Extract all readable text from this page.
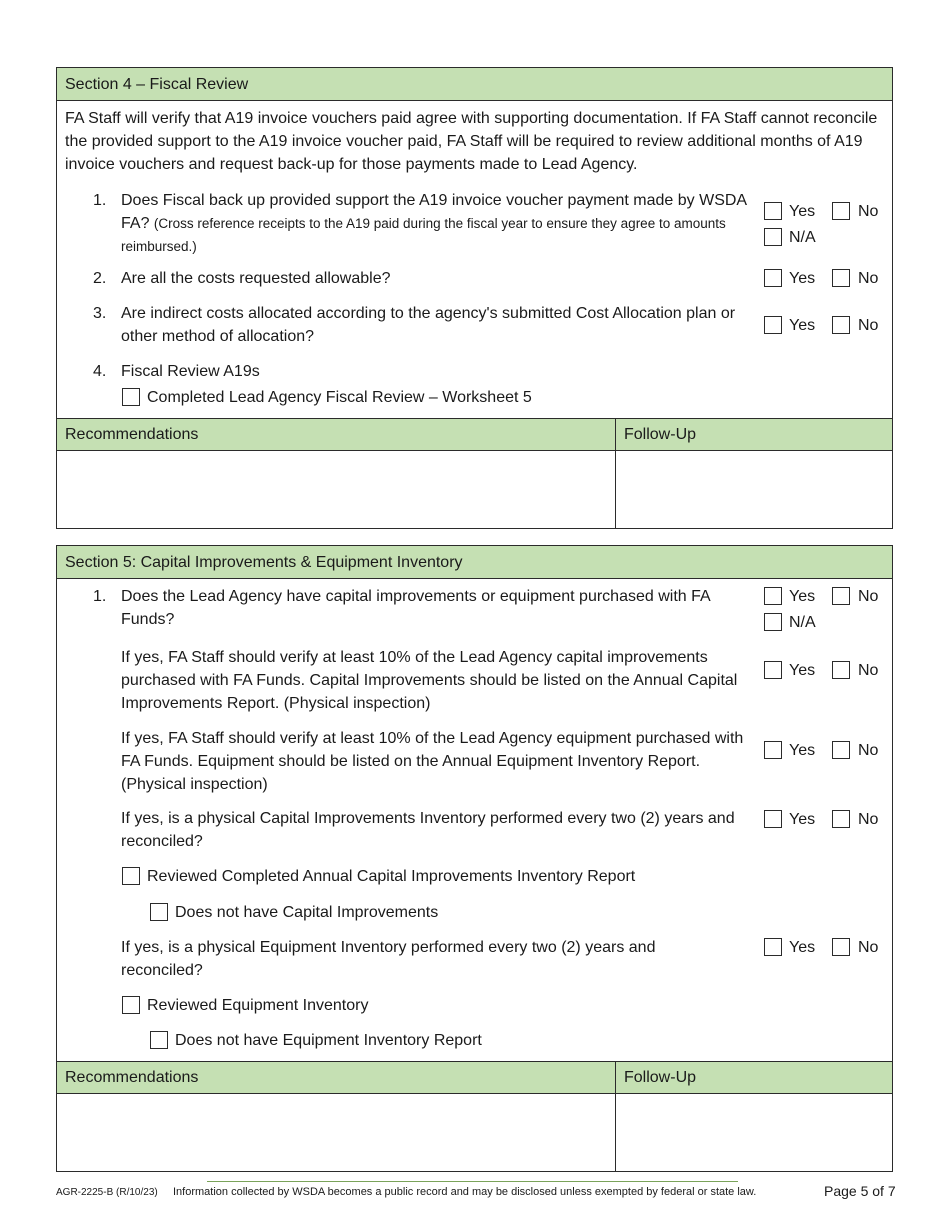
Section 4 – Fiscal Review
FA Staff will verify that A19 invoice vouchers paid agree with supporting documentation. If FA Staff cannot reconcile the provided support to the A19 invoice voucher paid, FA Staff will be required to review additional months of A19 invoice vouchers and request back-up for those payments made to Lead Agency.
1. Does Fiscal back up provided support the A19 invoice voucher payment made by WSDA FA? (Cross reference receipts to the A19 paid during the fiscal year to ensure they agree to amounts reimbursed.)
Yes	No
N/A
2. Are all the costs requested allowable?	Yes	No
3. Are indirect costs allocated according to the agency's submitted Cost Allocation plan or other method of allocation?
Yes	No
4. Fiscal Review A19s
Completed Lead Agency Fiscal Review – Worksheet 5
Recommendations	Follow-Up
Section 5: Capital Improvements & Equipment Inventory
1. Does the Lead Agency have capital improvements or equipment purchased with FA Funds?
Yes	No
N/A
If yes, FA Staff should verify at least 10% of the Lead Agency capital improvements purchased with FA Funds. Capital Improvements should be listed on the Annual Capital Improvements Report. (Physical inspection)
Yes	No
If yes, FA Staff should verify at least 10% of the Lead Agency equipment purchased with FA Funds. Equipment should be listed on the Annual Equipment Inventory Report. (Physical inspection)
Yes	No
If yes, is a physical Capital Improvements Inventory performed every two (2) years and reconciled?
Yes	No
Reviewed Completed Annual Capital Improvements Inventory Report
Does not have Capital Improvements
If yes, is a physical Equipment Inventory performed every two (2) years and reconciled?
Yes	No
Reviewed Equipment Inventory
Does not have Equipment Inventory Report
Recommendations	Follow-Up
AGR-2225-B (R/10/23) Information collected by WSDA becomes a public record and may be disclosed unless exempted by federal or state law.	Page 5 of 7
